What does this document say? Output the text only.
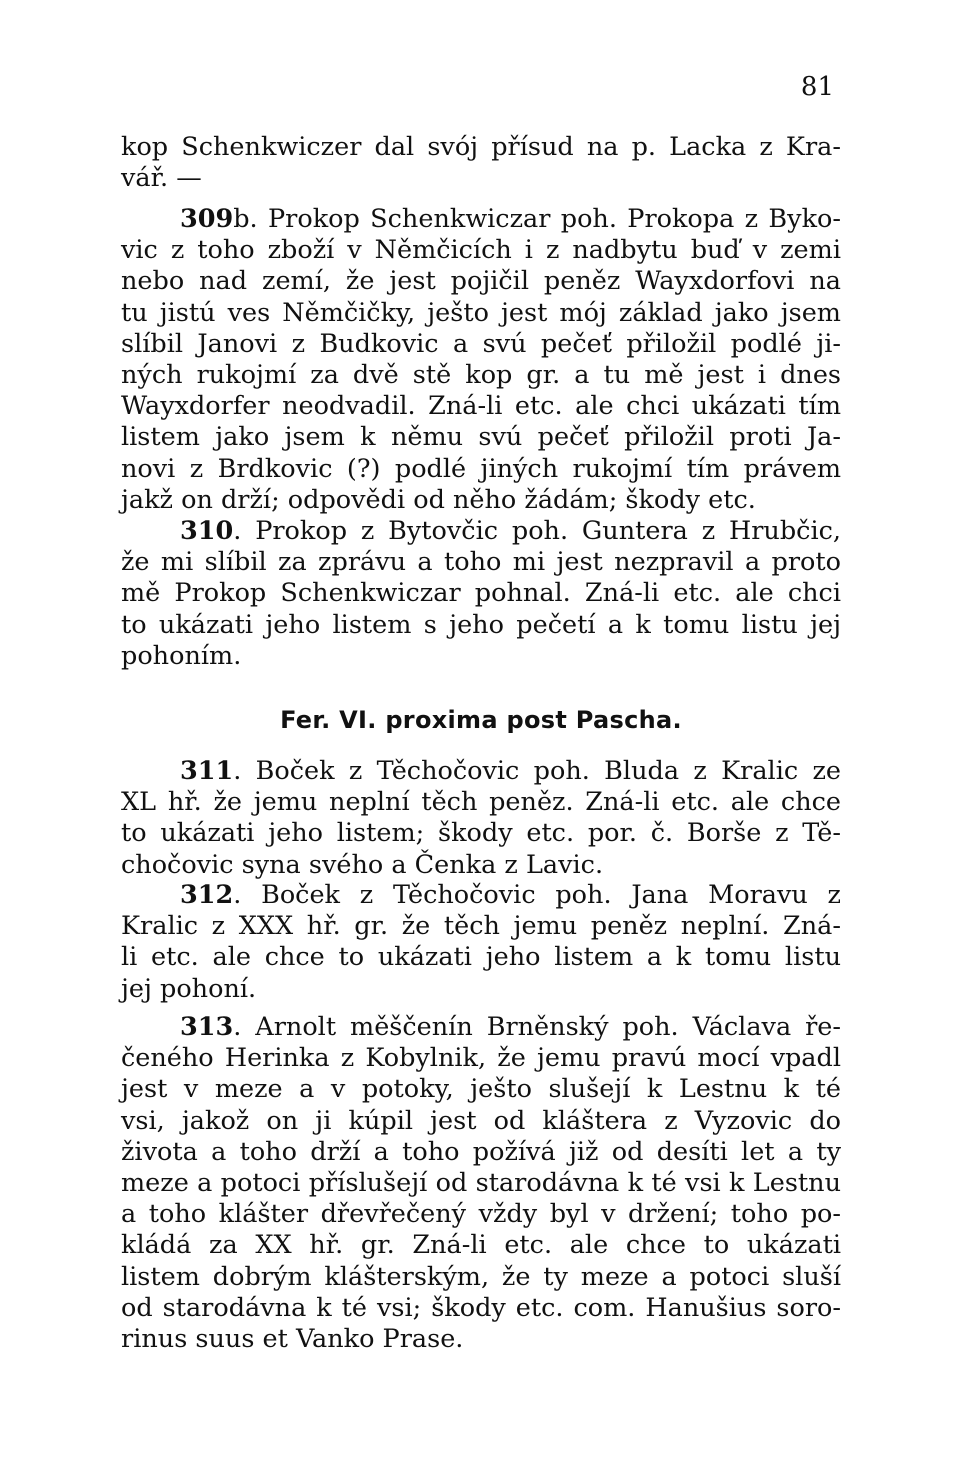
81
kop Schenkwiczer dal svój přísud na p. Lacka z Kra-
vář. —
309b. Prokop Schenkwiczar poh. Prokopa z Byko-
vic z toho zboží v Němčicích i z nadbytu buď v zemi
nebo nad zemí, že jest pojičil peněz Wayxdorfovi na
tu jistú ves Němčičky, ješto jest mój základ jako jsem
slíbil Janovi z Budkovic a svú pečeť přiložil podlé ji-
ných rukojmí za dvě stě kop gr. a tu mě jest i dnes
Wayxdorfer neodvadil. Zná-li etc. ale chci ukázati tím
listem jako jsem k němu svú pečeť přiložil proti Ja-
novi z Brdkovic (?) podlé jiných rukojmí tím právem
jakž on drží; odpovědi od něho žádám; škody etc.
310. Prokop z Bytovčic poh. Guntera z Hrubčic,
že mi slíbil za zprávu a toho mi jest nezpravil a proto
mě Prokop Schenkwiczar pohnal. Zná-li etc. ale chci
to ukázati jeho listem s jeho pečetí a k tomu listu jej
pohoním.
Fer. VI. proxima post Pascha.
311. Boček z Těchočovic poh. Bluda z Kralic ze
XL hř. že jemu neplní těch peněz. Zná-li etc. ale chce
to ukázati jeho listem; škody etc. por. č. Borše z Tě-
chočovic syna svého a Čenka z Lavic.
312. Boček z Těchočovic poh. Jana Moravu z
Kralic z XXX hř. gr. že těch jemu peněz neplní. Zná-
li etc. ale chce to ukázati jeho listem a k tomu listu
jej pohoní.
313. Arnolt měščenín Brněnský poh. Václava ře-
čeného Herinka z Kobylnik, že jemu pravú mocí vpadl
jest v meze a v potoky, ješto slušejí k Lestnu k té
vsi, jakož on ji kúpil jest od kláštera z Vyzovic do
života a toho drží a toho požívá již od desíti let a ty
meze a potoci příslušejí od starodávna k té vsi k Lestnu
a toho klášter dřevřečený vždy byl v držení; toho po-
kládá za XX hř. gr. Zná-li etc. ale chce to ukázati
listem dobrým klášterským, že ty meze a potoci sluší
od starodávna k té vsi; škody etc. com. Hanušius soro-
rinus suus et Vanko Prase.
